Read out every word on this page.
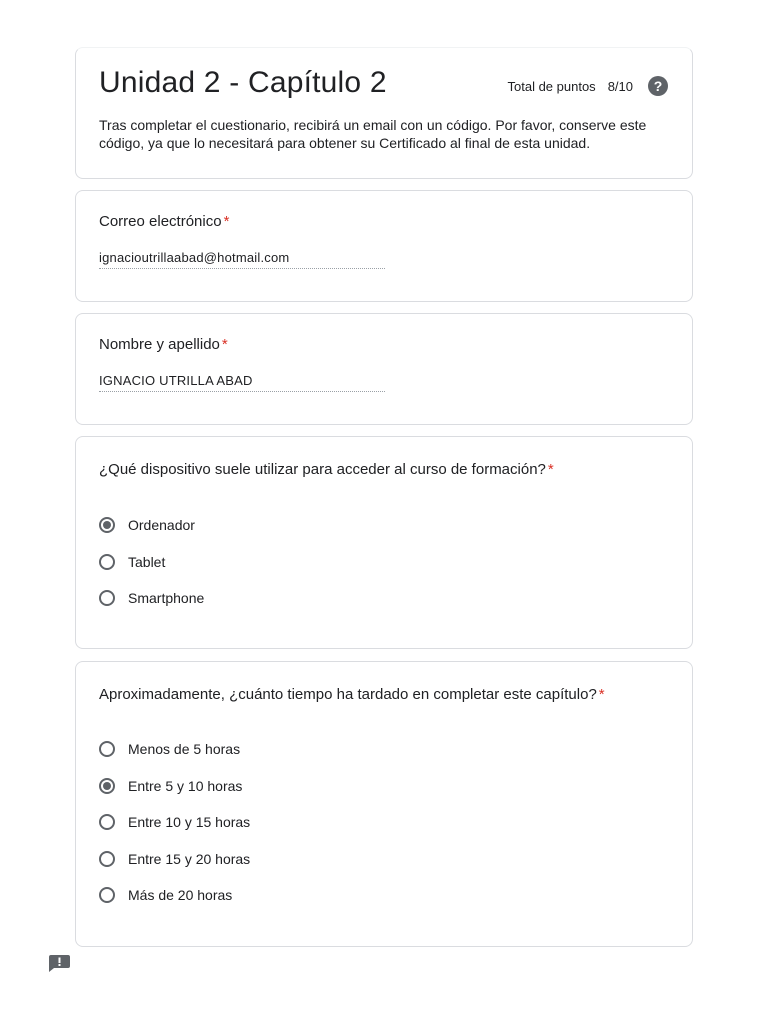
Unidad 2 - Capítulo 2	Total de puntos 8/10	?
Tras completar el cuestionario, recibirá un email con un código. Por favor, conserve este código, ya que lo necesitará para obtener su Certificado al final de esta unidad.
Correo electrónico *
ignacioutrillaabad@hotmail.com
Nombre y apellido *
IGNACIO UTRILLA ABAD
¿Qué dispositivo suele utilizar para acceder al curso de formación? *
Ordenador
Tablet
Smartphone
Aproximadamente, ¿cuánto tiempo ha tardado en completar este capítulo? *
Menos de 5 horas
Entre 5 y 10 horas
Entre 10 y 15 horas
Entre 15 y 20 horas
Más de 20 horas
